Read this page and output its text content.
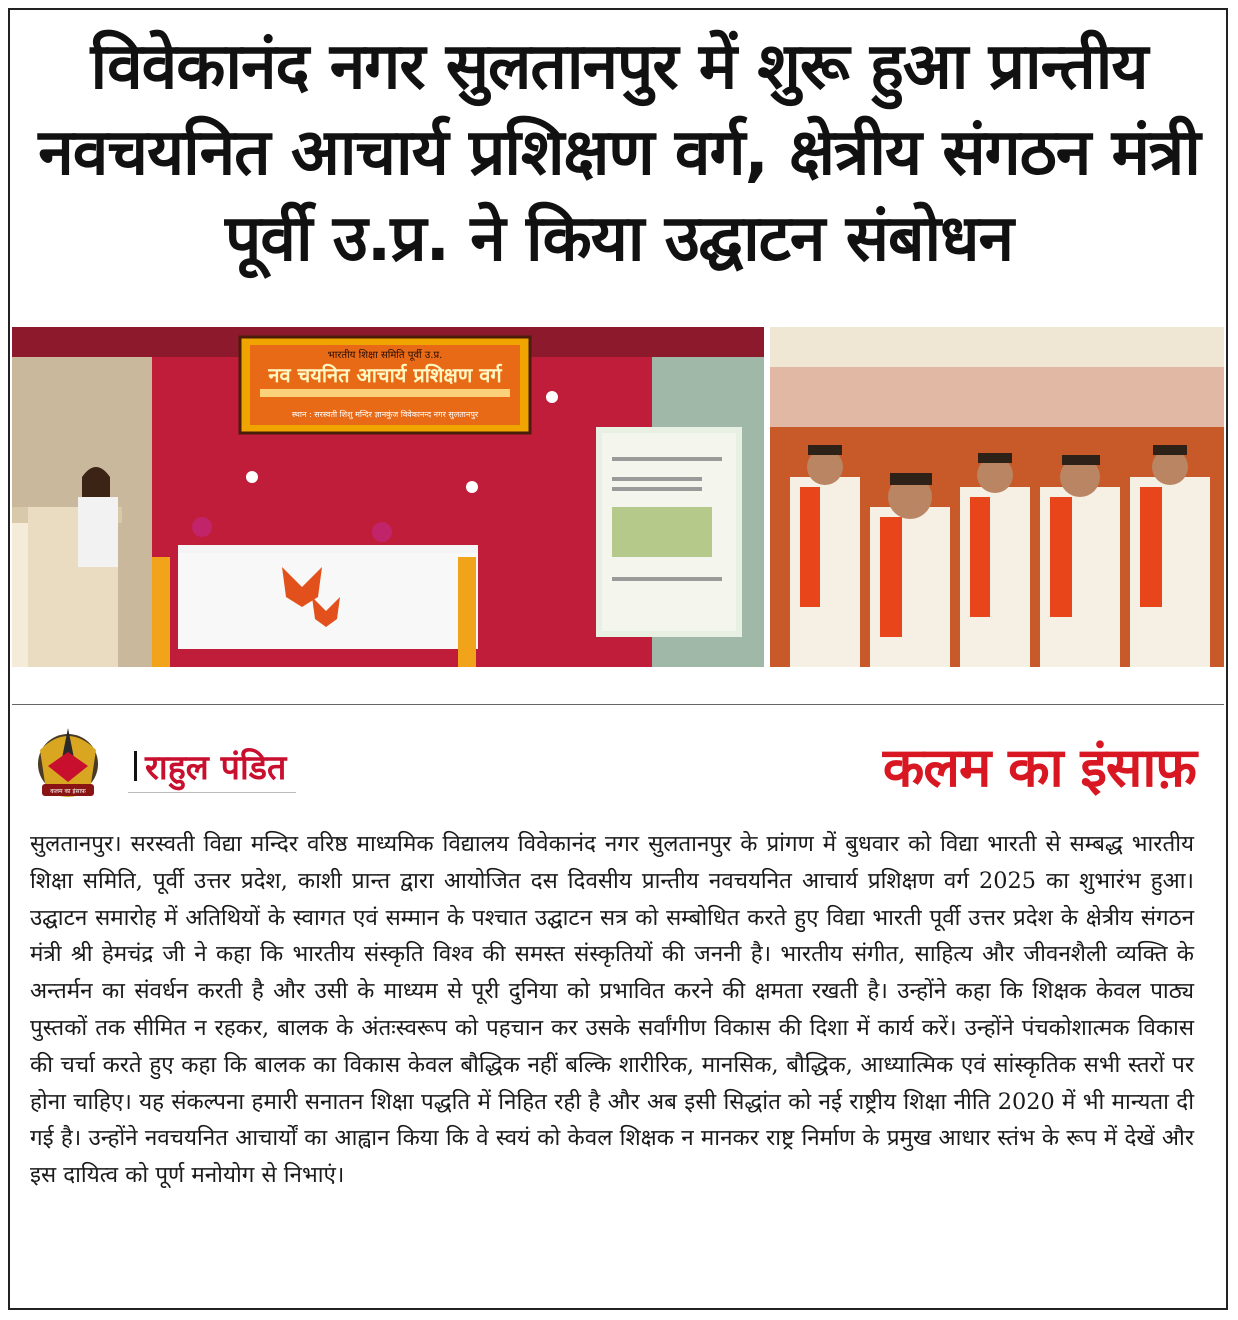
विवेकानंद नगर सुलतानपुर में शुरू हुआ प्रान्तीय नवचयनित आचार्य प्रशिक्षण वर्ग, क्षेत्रीय संगठन मंत्री पूर्वी उ.प्र. ने किया उद्घाटन संबोधन
भारतीय शिक्षा समिति पूर्वी उ.प्र.
नव चयनित आचार्य प्रशिक्षण वर्ग
स्थान : सरस्वती शिशु मन्दिर ज्ञानकुंज विवेकानन्द नगर सुलतानपुर
कलम का इंसाफ़
राहुल पंडित	कलम का इंसाफ़
सुलतानपुर। सरस्वती विद्या मन्दिर वरिष्ठ माध्यमिक विद्यालय विवेकानंद नगर सुलतानपुर के प्रांगण में बुधवार को विद्या भारती से सम्बद्ध भारतीय शिक्षा समिति, पूर्वी उत्तर प्रदेश, काशी प्रान्त द्वारा आयोजित दस दिवसीय प्रान्तीय नवचयनित आचार्य प्रशिक्षण वर्ग 2025 का शुभारंभ हुआ। उद्घाटन समारोह में अतिथियों के स्वागत एवं सम्मान के पश्चात उद्घाटन सत्र को सम्बोधित करते हुए विद्या भारती पूर्वी उत्तर प्रदेश के क्षेत्रीय संगठन मंत्री श्री हेमचंद्र जी ने कहा कि भारतीय संस्कृति विश्व की समस्त संस्कृतियों की जननी है। भारतीय संगीत, साहित्य और जीवनशैली व्यक्ति के अन्तर्मन का संवर्धन करती है और उसी के माध्यम से पूरी दुनिया को प्रभावित करने की क्षमता रखती है। उन्होंने कहा कि शिक्षक केवल पाठ्य पुस्तकों तक सीमित न रहकर, बालक के अंतःस्वरूप को पहचान कर उसके सर्वांगीण विकास की दिशा में कार्य करें। उन्होंने पंचकोशात्मक विकास की चर्चा करते हुए कहा कि बालक का विकास केवल बौद्धिक नहीं बल्कि शारीरिक, मानसिक, बौद्धिक, आध्यात्मिक एवं सांस्कृतिक सभी स्तरों पर होना चाहिए। यह संकल्पना हमारी सनातन शिक्षा पद्धति में निहित रही है और अब इसी सिद्धांत को नई राष्ट्रीय शिक्षा नीति 2020 में भी मान्यता दी गई है। उन्होंने नवचयनित आचार्यों का आह्वान किया कि वे स्वयं को केवल शिक्षक न मानकर राष्ट्र निर्माण के प्रमुख आधार स्तंभ के रूप में देखें और इस दायित्व को पूर्ण मनोयोग से निभाएं।
